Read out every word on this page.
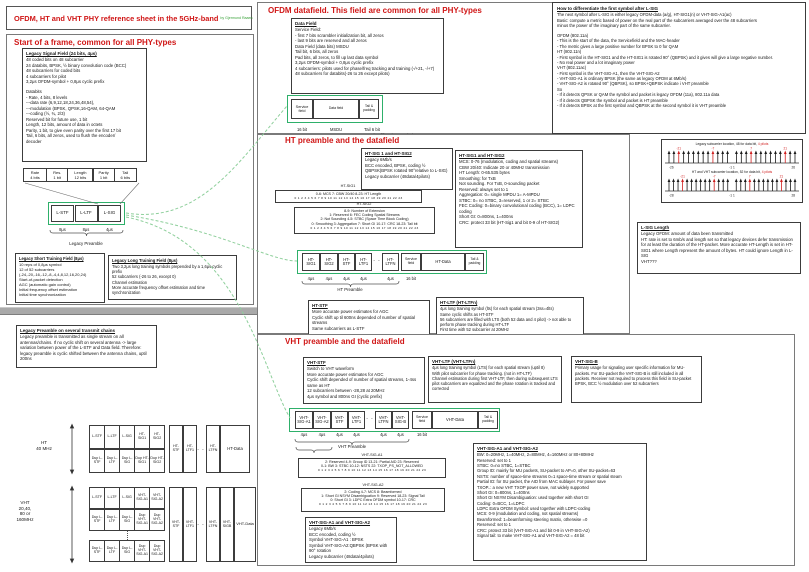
OFDM, HT and VHT PHY reference sheet in the 5GHz-band by Gjermund Raaen
Start of a frame, common for all PHY-types
Legacy Signal Field (24 bits, 4μs)
48 coded bits on 48 subcarrier
24 databits, BPSK, ½ binary convolution code (BCC)
48 subcarriers for coded bits
4 subcarriers for pilot
3,2μs OFDM-symbol + 0,8μs cyclic prefix
Databits
- Rate, 4 bits, 8 levels
---data rate (6,9,12,18,24,36,48,54),
---modulation (BPSK, QPSK,16-QAM, 64-QAM
---coding (½, ¾, 2/3)
Reserved bit for future use, 1 bit
Length, 12 bits, amount of data in octets
Parity, 1 bit, to give even parity over the first 17 bit
Tail, 6 bits, all zeros, used to flush the encoder/
decoder
Rate
4 bits
Res.
1 bit
Length
12 bits
Parity
1 bit
Tail
6 bits
L-STF	L-LTF	L-SIG
8μs	8μs	4μs
Legacy Preamble
Legacy Short Training Field (8μs)
10 reps of 0,8μs symbol
12 of 52 subcarriers
(-24,-20,-16,-12,-8,-4,4,8,12,16,20,24)
Start-of-packet detection
AGC (automatic gain control)
Initial frequency offset estimation
Initial time synchronization
Legacy Long Training Field (8μs)
Two 3,2μs long training symbols prepended by a 1,6μs cyclic prefix
52 subcarriers (-26 to 26, except 0)
Channel estimation
More accurate frequency offset estimation and time synchronization
Legacy Preamble on several transmit chains
Legacy preamble is transmitted as single stream on all antennas/chains. If no cyclic shift on several antenna -> large variation between power of the L-STF and Data field. Therefore: legacy preamble is cyclic shifted between the antenna chains, uptil 200ns
HT
40 MHz
L-STF	L-LTF	L-SIG	HT-SIG1
HT-SIG2
Dup L-STF
Dup L-LTF
Dup L-SIG
Dup HT-SIG1
Dup HT-SIG2
HT-STF
HT-LTF1 - -
HT-LTFN	HT-Data
VHT
20,40,
80 or
160MHz
L-STF	L-LTF	L-SIG	VHT-SIG-A1
VHT-SIG-A2
Dup L-STF
Dup L-LTF
Dup L-SIG
Dup VHT-SIG-A1
Dup VHT-SIG-A2
Dup L-STF
Dup L-LTF
Dup L-SIG
Dup VHT-SIG-A1
Dup VHT-SIG-A2
VHT-STF
VHT-LTF1 - -
VHT-LTFN
VHT-SIGB	VHT-Data
OFDM datafield. This field are common for all PHY-types
Data Field
Service Field:
- first 7 bits scrambler initialization bit, all zeros
- last 9 bits are reserved and all zeros
Data Field (data bits) MSDU
Tail bit, 6 bits, all zeros
Pad bits, all zeros, to fill up last data symbol
3,2μs OFDM-symbol + 0,8μs cyclic prefix
4 subcarriers: pilots used for phase/freq tracking and training (-/+21, -/+7)
48 subcarriers for databits(-26 to 26 except pilots)
Service field
Data field	Tail & padding
16 bit	MSDU	Tail 6 bit
HT preamble and the datafield
HT-SIG 1 and HT-SIG2
Legacy 6Mb/s
BCC encoded, BPSK, coding ½
QBPSK(BPSK rotated 90°relative to L-SIG)
Legacy subcarrier (48data/4pilots)
HT-SIG1 and HT-SIG2
MCS: 0-76 (modulation, coding and spatial streams)
CBW 20/40: Indicate 20 or 40MHz transmission
HT Length: 0-65.535 bytes
Smoothing: for TxB
Not sounding. For TxB, 0-sounding packet
Reserved: always set to 1
Aggregation: 0= single MPDU 1= A-MPDU
STBC: 0= no STBC, 3=reserved, 1 or 2= STBC
FEC Coding: 0=binary convolutional coding (BCC), 1= LDPC coding
Short GI: 0=800ns, 1=400ns
CRC: protect 33 bit (HT-Sig1 and bit 0-9 of HT-SIG2)
HT-SIG1
0-6: MCS 7: CBW 20/40 8-23: HT Length
0 1 2 3 4 5 6 7 8 9 10 11 12 13 14 15 16 17 18 19 20 21 22 23
HT-SIG2
8-9: Number of Extension
1: Reserved 6: FEC Coding Spatial Streams
2: Not Sounding 4-5: STBC (Space Time Block Coding)
0: Smoothing 3: Aggregation 7: Short GI 10-17: CRC 18-23: Tail bit
0 1 2 3 4 5 6 7 8 9 10 11 12 13 14 15 16 17 18 19 20 21 22 23
HT-SIG1
HT-SIG2
HT-STF
HT-LTF1
- -	HT-LTFN
Service field	HT-Data	Tail & padding
4μs	4μs	4μs	4μs	4μs	16 bit
HT Preamble
HT-STF
More accurate power estimates for AGC
Cyclic shift up til 600ns depended of number of spatial streams
Same subcarriers as L-STF
HT-LTF (HT-LTFn)
4μs long training symbol (lts) for each spatial stream (3ss=4lts)
Same cyclic shifts as HT-STF
56 subcarriers are filled with LTS (both 52 data and 4 pilot) -> not able to perform phase tracking during HT-LTF
First time with 52 subcarrier at 20MHz
VHT preamble and the datafield
VHT-STF
Switch to VHT waveform
More accurate power estimates for AGC
Cyclic shift depended of number of spatial streams, 1-4ss same as HT
12 subcarriers between -28,28 at 20MHz
4μs symbol and 800ns GI (cyclic prefix)
VHT-LTF (VHT-LTFn)
4μs long training symbol (LTS) for each spatial stream (uptil 8)
With pilot subcarrier for phase tracking. (not in HT-LTF)
Channel estimation during first VHT-LTF, then during subsequent LTS pilot subcarriers are equalized and the phase rotation is tracked and corrected
VHT-SIG-B
Primary usage for signaling user specific information for MU-packets. For SU-packet the VHT-SIG-B is still included in all packets. Receiver not required to process this field in SU-packet
BPSK, BCC ½ modulation over 52 subcarriers
VHT-SIG-A1
VHT-SIG-A2
VHT-STF
VHT-LTF1
- -	VHT-LTFN
VHT-SIG-B
Service field	VHT-Data	Tail & padding
4μs	4μs	4μs	4μs	4μs	4μs	16 bit
VHT Preamble
VHT-SIG-A1
2: Reserved 4-9: Group ID 13-21: Partial AID 23: Reserved
0-1: BW 3: STBC 10-12: NSTS 22: TXOP_PS_NOT_ALLOWED
0 1 2 3 4 5 6 7 8 9 10 11 12 13 14 15 16 17 18 19 20 21 22 23
VHT-SIG-A2
2: Coding 4-7: MCS 8: Beamformed
1: Short GI NSYM Disambiguation 9: Reserved 18-23: Signal Tail
0: Short GI 3: LDPC Extra OFDM symbol 10-17: CRC
0 1 2 3 4 5 6 7 8 9 10 11 12 13 14 15 16 17 18 19 20 21 22 23
VHT-SIG-A1 and VHT-SIG-A2
Legacy 6Mb/s
BCC encoded, coding ½
Symbol VHT-SIG-A1 : BPSK
Symbol VHT-SIG-A2:QBPSK (BPSK with 90° rotation
Legacy subcarrier (48data/4pilots)
VHT-SIG-A1 and VHT-SIG-A2
BW: 0=20MHz, 1=40MHz, 2=80MHz, 4=160MHz or 80+80MHz
Reserved: set to 1
STBC: 0=no STBC, 1=STBC
Group ID: mainly for MU packets, SU-packet to AP=0, other SU-packet=63
NSTS: number of space-time streams 0=1 space-time stream or spatial steam
Partial ID: for SU packet, the AID from MAC sublayer. For power save
TXOP..: a new VHT TXOP power save, not widely supported
Short GI: 0=800ns, 1=400ns
Short GI NSYM Disambiguation: used together with short GI
Coding: 0=BCC, 1=LDPC
LDPC Extra OFDM Symbol: used together with LDPC-coding
MCS: 0-9 (modulation and coding, not spatial streams)
Beamformed: 1=beamforming steering matrix, otherwise =0
Reserved: set to 1
CRC: protect 33 bit (VHT-SIG-A1 and bit 0-9 in VHT-SIG-A2)
Signal tail: to make VHT-SIG-A1 and VHT-SIG-A2 = 48 bit
How to differentiate the first symbol after L-SIG
The next symbol after L-SIG is either legacy OFDM-data (a/g), HT-SIG1(n) or VHT-SIG-A1(ac)
Basic: compute a metric based of power on the real part of the subcarriers averaged over the 48 subcarriers
minus the power of the imaginary part of the same subcarrier.
OFDM (802.11a)
- This is the start of the data, the Servicefield and the MAC-header
- The metric gives a large positive number for BPSK to 0 for QAM
HT (802.11n)
- First symbol is the HT-SIG1 and the HT-SIG1 is rotated 90° (QBPSK) and it gives will give a large negative number.
- No real power and a lot imaginary power
VHT (802.11ac)
- First symbol is the VHT-SIG-A1, then the VHT-SIG-A2
- VHT-SIG-A1 is ordinary BPSK (the same as legacy OFDM at 6Mb/s)
- VHT-SIG-A2 is rotated 90° (QBPSK), so BPSK+QBPSK indicate i VHT preamble
So
- If it detects QPSK or QAM the symbol and packet is legacy OFDM (11a), 802.11a data
- If it detects QBPSK the symbol and packet is HT preamble
- If it detects BPSK at the first symbol and QBPSK at the second symbol it is VHT preamble
Legacy subcarrier location, 48 for data bit, 4 pilots
-21	-7	7	21
-26	-1 1	26
HT and VHT subcarrier location, 52 for data bit, 4 pilots
-21	-7	7	21
-28	-1 1	28
L-SIG Length
Legacy OFDM: amount of data been transmitted
HT: rate is set to 6mb/s and length set so that legacy devices defer transmission for at least the duration of the HT-packet. More accurate HT-Length is set in HT-SIG1 where Length represent the amount of bytes. HT could ignore Length in L-SIG
VHT???
